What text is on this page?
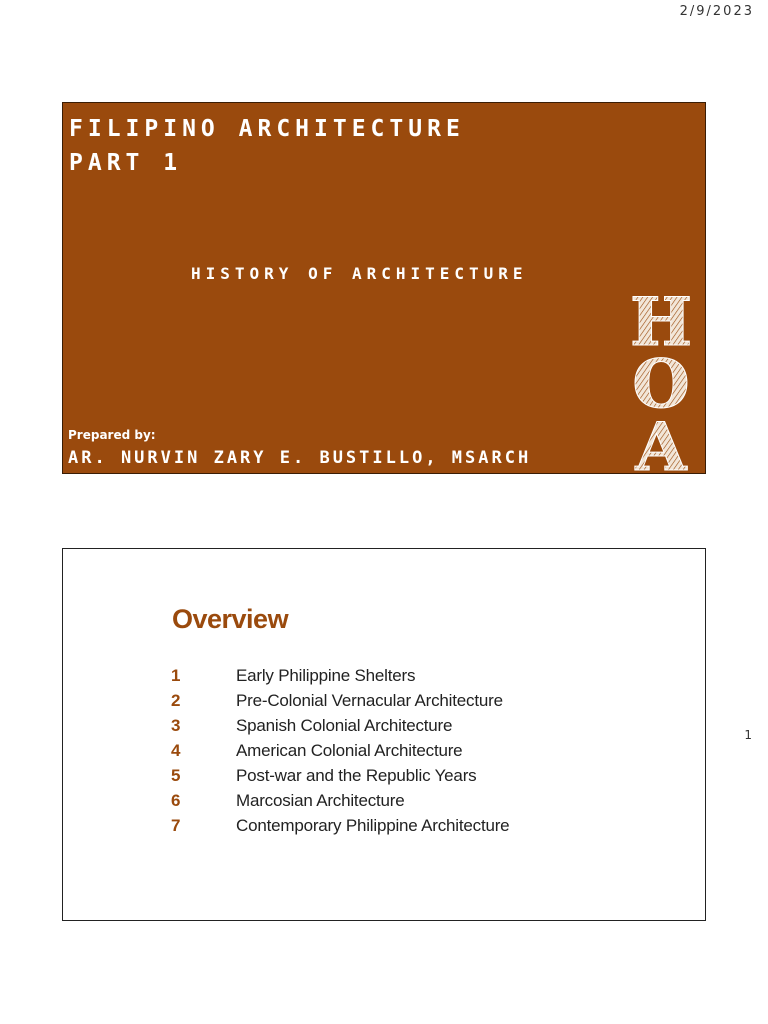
2/9/2023
FILIPINO ARCHITECTURE
PART 1
HISTORY OF ARCHITECTURE
Prepared by:
AR. NURVIN ZARY E. BUSTILLO, MSARCH
H
O
A
Overview
1	Early Philippine Shelters
2	Pre-Colonial Vernacular Architecture
3	Spanish Colonial Architecture
4	American Colonial Architecture
5	Post-war and the Republic Years
6	Marcosian Architecture
7	Contemporary Philippine Architecture
1
